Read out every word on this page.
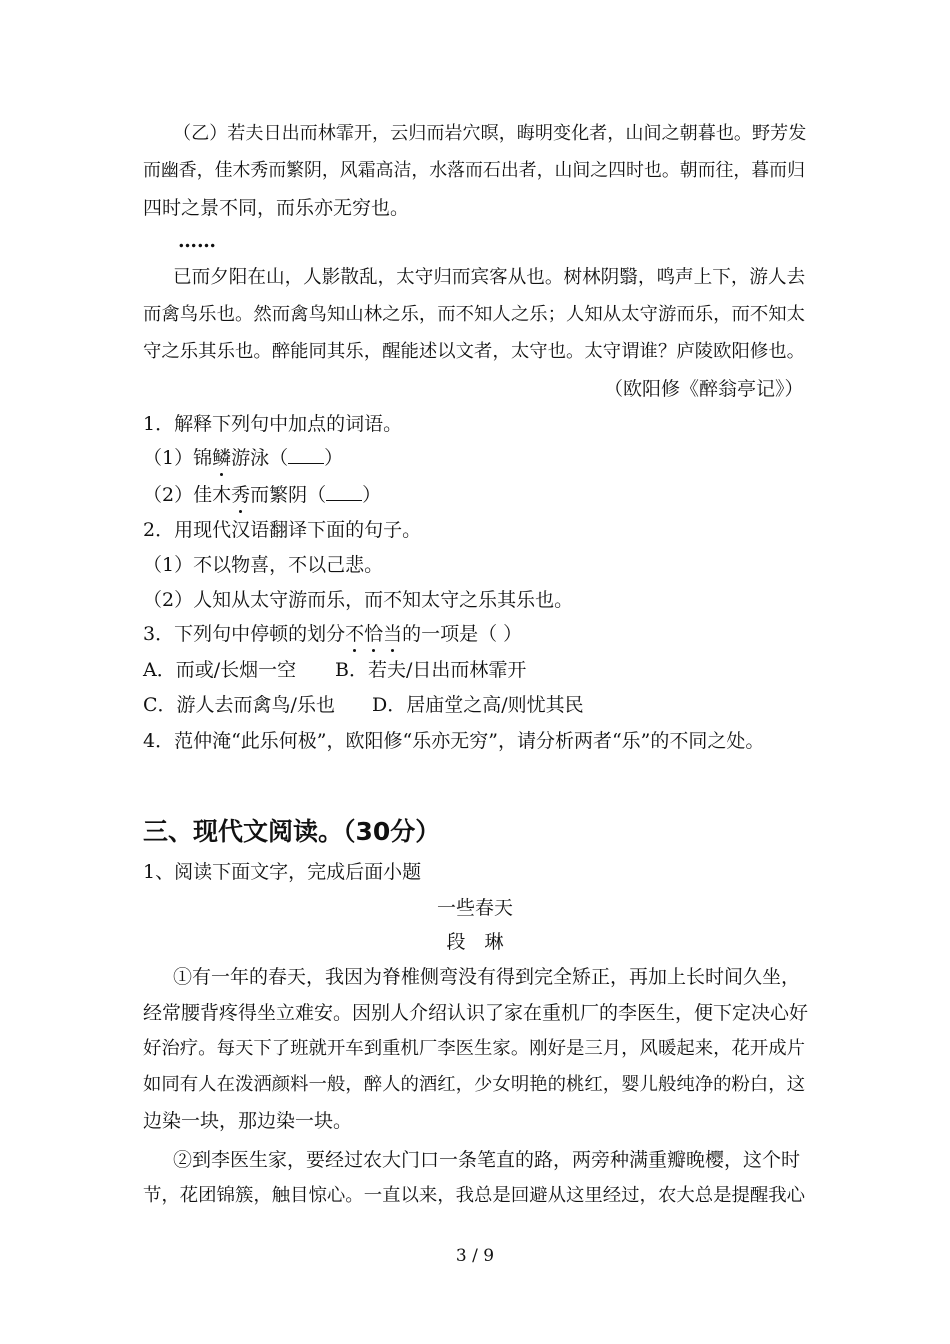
（乙）若夫日出而林霏开，云归而岩穴暝，晦明变化者，山间之朝暮也。野芳发
而幽香，佳木秀而繁阴，风霜高洁，水落而石出者，山间之四时也。朝而往，暮而归
四时之景不同，而乐亦无穷也。
……
已而夕阳在山，人影散乱，太守归而宾客从也。树林阴翳，鸣声上下，游人去
而禽鸟乐也。然而禽鸟知山林之乐，而不知人之乐；人知从太守游而乐，而不知太
守之乐其乐也。醉能同其乐，醒能述以文者，太守也。太守谓谁？庐陵欧阳修也。
（欧阳修《醉翁亭记》）
1．解释下列句中加点的词语。
（1）锦鳞游泳（ ）
（2）佳木秀而繁阴（ ）
2．用现代汉语翻译下面的句子。
（1）不以物喜，不以己悲。
（2）人知从太守游而乐，而不知太守之乐其乐也。
3．下列句中停顿的划分不恰当的一项是（ ）
A．而或/长烟一空 B．若夫/日出而林霏开
C．游人去而禽鸟/乐也 D．居庙堂之高/则忧其民
4．范仲淹“此乐何极”，欧阳修“乐亦无穷”，请分析两者“乐”的不同之处。
三、现代文阅读。（30分）
1、阅读下面文字，完成后面小题
一些春天
段　琳
①有一年的春天，我因为脊椎侧弯没有得到完全矫正，再加上长时间久坐，
经常腰背疼得坐立难安。因别人介绍认识了家在重机厂的李医生，便下定决心好
好治疗。每天下了班就开车到重机厂李医生家。刚好是三月，风暖起来，花开成片
如同有人在泼洒颜料一般，醉人的酒红，少女明艳的桃红，婴儿般纯净的粉白，这
边染一块，那边染一块。
②到李医生家，要经过农大门口一条笔直的路，两旁种满重瓣晚樱，这个时
节，花团锦簇，触目惊心。一直以来，我总是回避从这里经过，农大总是提醒我心
3 / 9
